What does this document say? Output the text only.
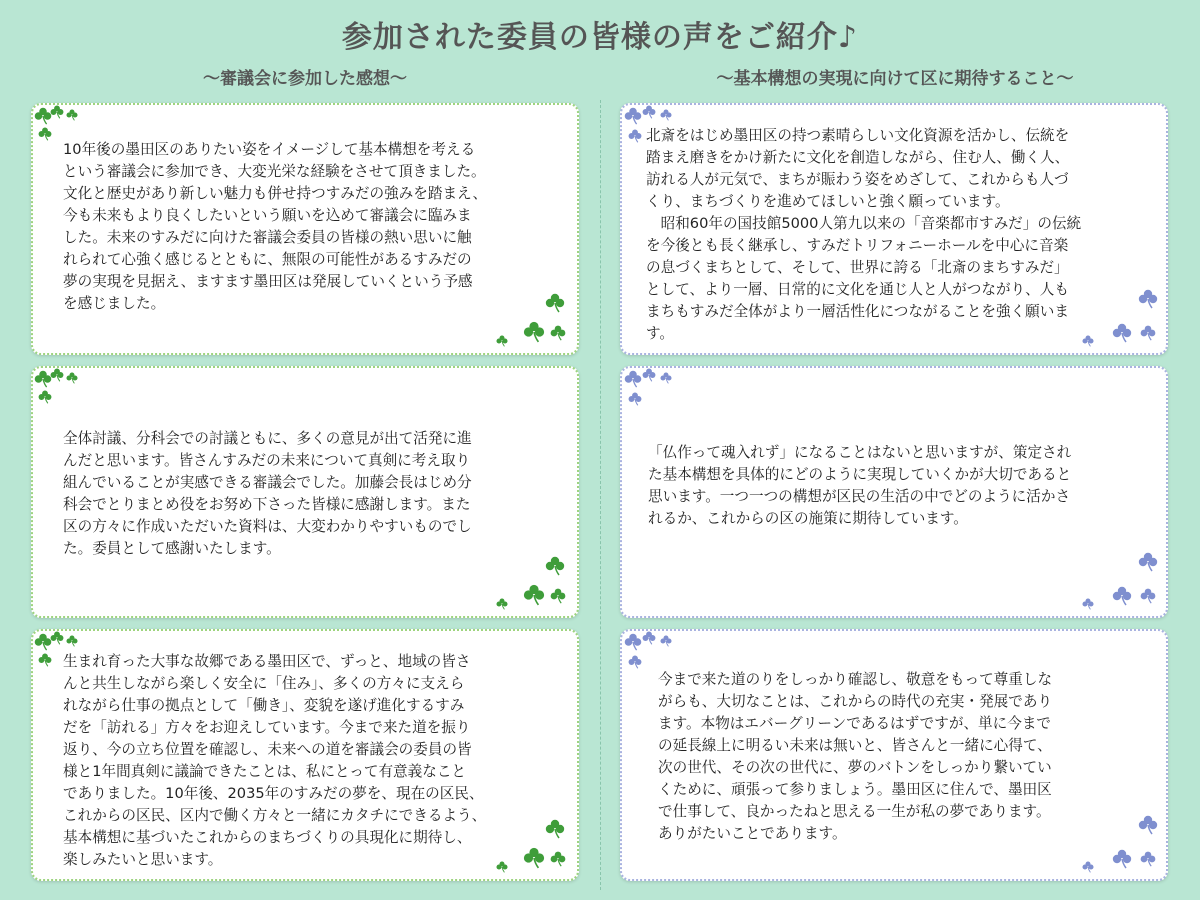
参加された委員の皆様の声をご紹介♪
～審議会に参加した感想～	～基本構想の実現に向けて区に期待すること～
10年後の墨田区のありたい姿をイメージして基本構想を考える
という審議会に参加でき、大変光栄な経験をさせて頂きました。
文化と歴史があり新しい魅力も併せ持つすみだの強みを踏まえ、
今も未来もより良くしたいという願いを込めて審議会に臨みま
した。未来のすみだに向けた審議会委員の皆様の熱い思いに触
れられて心強く感じるとともに、無限の可能性があるすみだの
夢の実現を見据え、ますます墨田区は発展していくという予感
を感じました。
全体討議、分科会での討議ともに、多くの意見が出て活発に進
んだと思います。皆さんすみだの未来について真剣に考え取り
組んでいることが実感できる審議会でした。加藤会長はじめ分
科会でとりまとめ役をお努め下さった皆様に感謝します。また
区の方々に作成いただいた資料は、大変わかりやすいものでし
た。委員として感謝いたします。
生まれ育った大事な故郷である墨田区で、ずっと、地域の皆さ
んと共生しながら楽しく安全に「住み」、多くの方々に支えら
れながら仕事の拠点として「働き」、変貌を遂げ進化するすみ
だを「訪れる」方々をお迎えしています。今まで来た道を振り
返り、今の立ち位置を確認し、未来への道を審議会の委員の皆
様と1年間真剣に議論できたことは、私にとって有意義なこと
でありました。10年後、2035年のすみだの夢を、現在の区民、
これからの区民、区内で働く方々と一緒にカタチにできるよう、
基本構想に基づいたこれからのまちづくりの具現化に期待し、
楽しみたいと思います。
北斎をはじめ墨田区の持つ素晴らしい文化資源を活かし、伝統を
踏まえ磨きをかけ新たに文化を創造しながら、住む人、働く人、
訪れる人が元気で、まちが賑わう姿をめざして、これからも人づ
くり、まちづくりを進めてほしいと強く願っています。
　昭和60年の国技館5000人第九以来の「音楽都市すみだ」の伝統
を今後とも長く継承し、すみだトリフォニーホールを中心に音楽
の息づくまちとして、そして、世界に誇る「北斎のまちすみだ」
として、より一層、日常的に文化を通じ人と人がつながり、人も
まちもすみだ全体がより一層活性化につながることを強く願いま
す。
「仏作って魂入れず」になることはないと思いますが、策定され
た基本構想を具体的にどのように実現していくかが大切であると
思います。一つ一つの構想が区民の生活の中でどのように活かさ
れるか、これからの区の施策に期待しています。
今まで来た道のりをしっかり確認し、敬意をもって尊重しな
がらも、大切なことは、これからの時代の充実・発展であり
ます。本物はエバーグリーンであるはずですが、単に今まで
の延長線上に明るい未来は無いと、皆さんと一緒に心得て、
次の世代、その次の世代に、夢のバトンをしっかり繋いてい
くために、頑張って参りましょう。墨田区に住んで、墨田区
で仕事して、良かったねと思える一生が私の夢であります。
ありがたいことであります。
